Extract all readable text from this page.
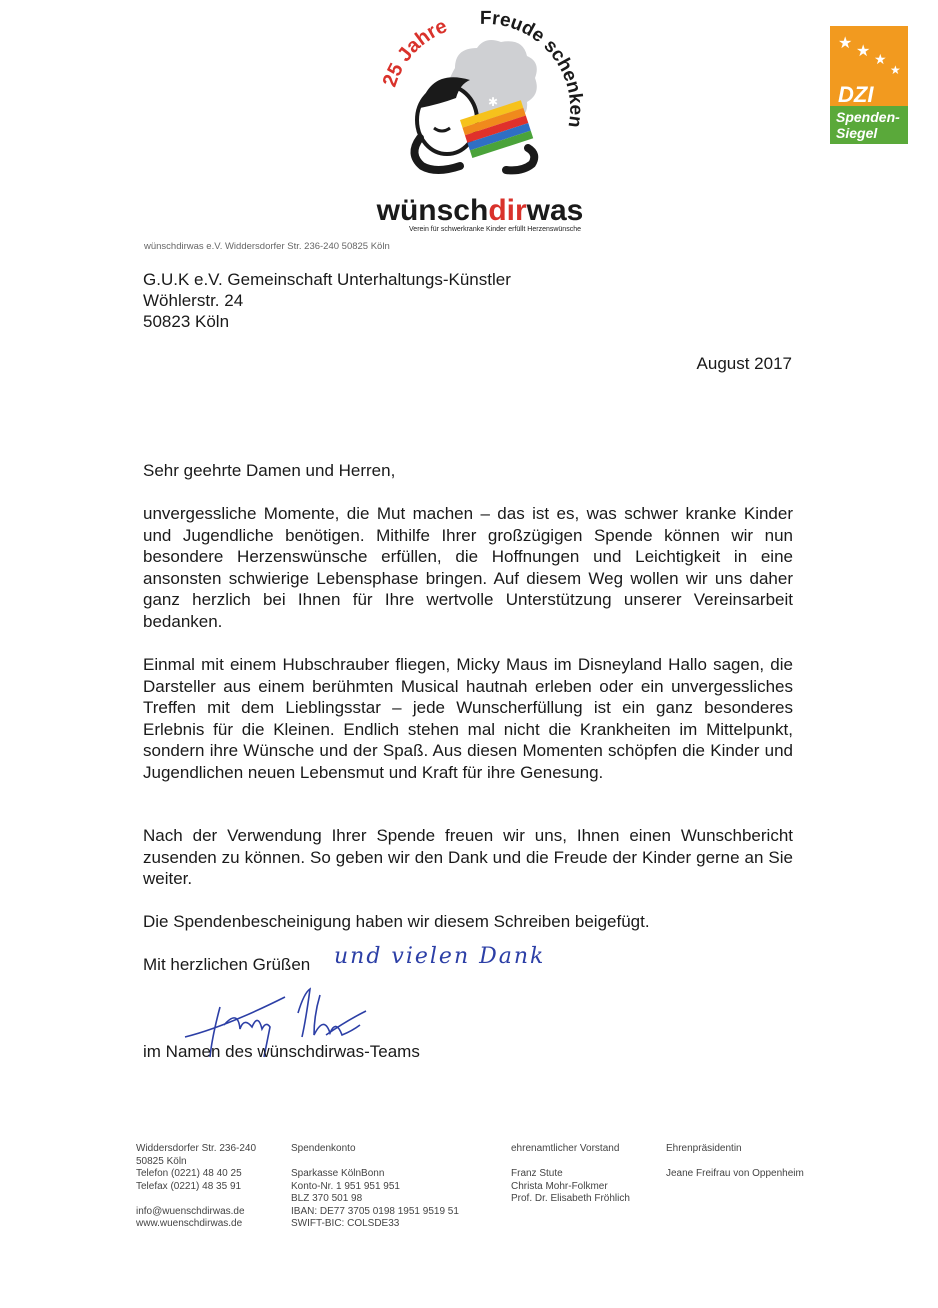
25 Jahre Freude schenken
✱
wünschdirwas
Verein für schwerkranke Kinder erfüllt Herzenswünsche
★ ★ ★
★
DZI
Spenden-
Siegel
wünschdirwas e.V. Widdersdorfer Str. 236-240 50825 Köln
G.U.K e.V. Gemeinschaft Unterhaltungs-Künstler
Wöhlerstr. 24
50823 Köln
August 2017
Sehr geehrte Damen und Herren,
unvergessliche Momente, die Mut machen – das ist es, was schwer kranke Kinder und Jugendliche benötigen. Mithilfe Ihrer großzügigen Spende können wir nun besondere Herzenswünsche erfüllen, die Hoffnungen und Leichtigkeit in eine ansonsten schwierige Lebensphase bringen. Auf diesem Weg wollen wir uns daher ganz herzlich bei Ihnen für Ihre wertvolle Unterstützung unserer Vereinsarbeit bedanken.
Einmal mit einem Hubschrauber fliegen, Micky Maus im Disneyland Hallo sagen, die Darsteller aus einem berühmten Musical hautnah erleben oder ein unvergessliches Treffen mit dem Lieblingsstar – jede Wunscherfüllung ist ein ganz besonderes Erlebnis für die Kleinen. Endlich stehen mal nicht die Krankheiten im Mittelpunkt, sondern ihre Wünsche und der Spaß. Aus diesen Momenten schöpfen die Kinder und Jugendlichen neuen Lebensmut und Kraft für ihre Genesung.
Nach der Verwendung Ihrer Spende freuen wir uns, Ihnen einen Wunschbericht zusenden zu können. So geben wir den Dank und die Freude der Kinder gerne an Sie weiter.
Die Spendenbescheinigung haben wir diesem Schreiben beigefügt.
Mit herzlichen Grüßen und vielen Dank
im Namen des wünschdirwas-Teams
Widdersdorfer Str. 236-240
50825 Köln
Telefon (0221) 48 40 25
Telefax (0221) 48 35 91
info@wuenschdirwas.de
www.wuenschdirwas.de
Spendenkonto
Sparkasse KölnBonn
Konto-Nr. 1 951 951 951
BLZ 370 501 98
IBAN: DE77 3705 0198 1951 9519 51
SWIFT-BIC: COLSDE33
ehrenamtlicher Vorstand
Franz Stute
Christa Mohr-Folkmer
Prof. Dr. Elisabeth Fröhlich
Ehrenpräsidentin
Jeane Freifrau von Oppenheim
